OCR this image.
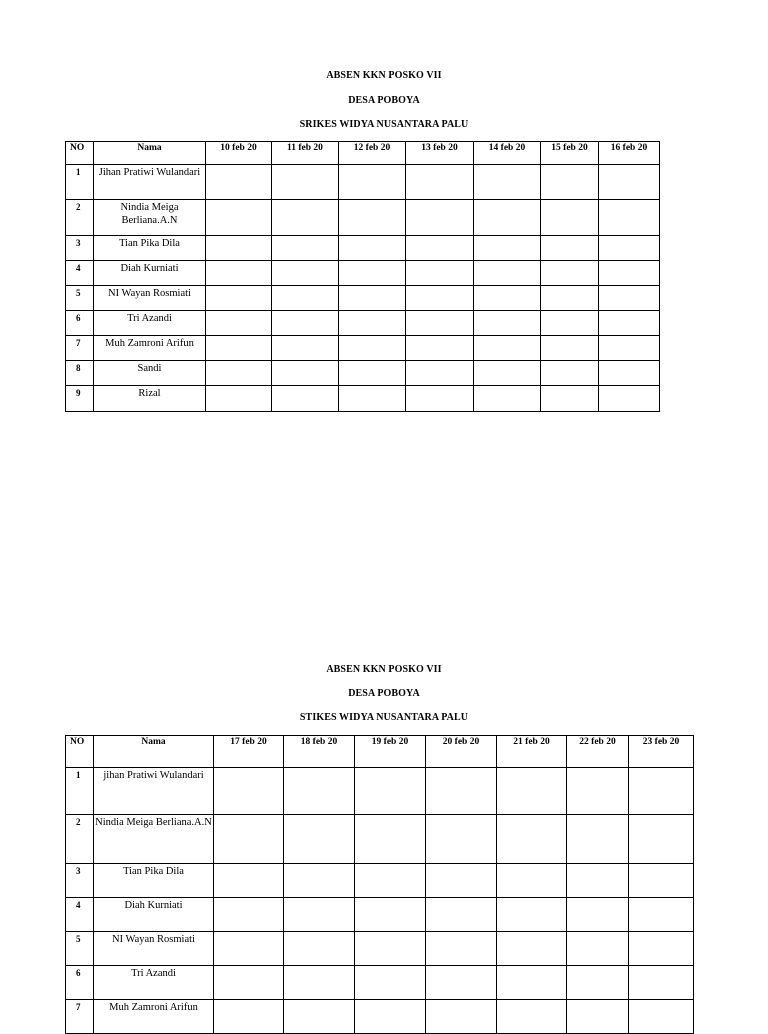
ABSEN KKN POSKO VII
DESA POBOYA
SRIKES WIDYA NUSANTARA PALU
NO	Nama	10 feb 20	11 feb 20	12 feb 20	13 feb 20	14 feb 20	15 feb 20	16 feb 20
1	Jihan Pratiwi Wulandari							
2	Nindia Meiga Berliana.A.N							
3	Tian Pika Dila							
4	Diah Kurniati							
5	NI Wayan Rosmiati							
6	Tri Azandi							
7	Muh Zamroni Arifun							
8	Sandi							
9	Rizal							
ABSEN KKN POSKO VII
DESA POBOYA
STIKES WIDYA NUSANTARA PALU
NO	Nama	17 feb 20	18 feb 20	19 feb 20	20 feb 20	21 feb 20	22 feb 20	23 feb 20
1	jihan Pratiwi Wulandari							
2	Nindia Meiga Berliana.A.N							
3	Tian Pika Dila							
4	Diah Kurniati							
5	NI Wayan Rosmiati							
6	Tri Azandi							
7	Muh Zamroni Arifun							
